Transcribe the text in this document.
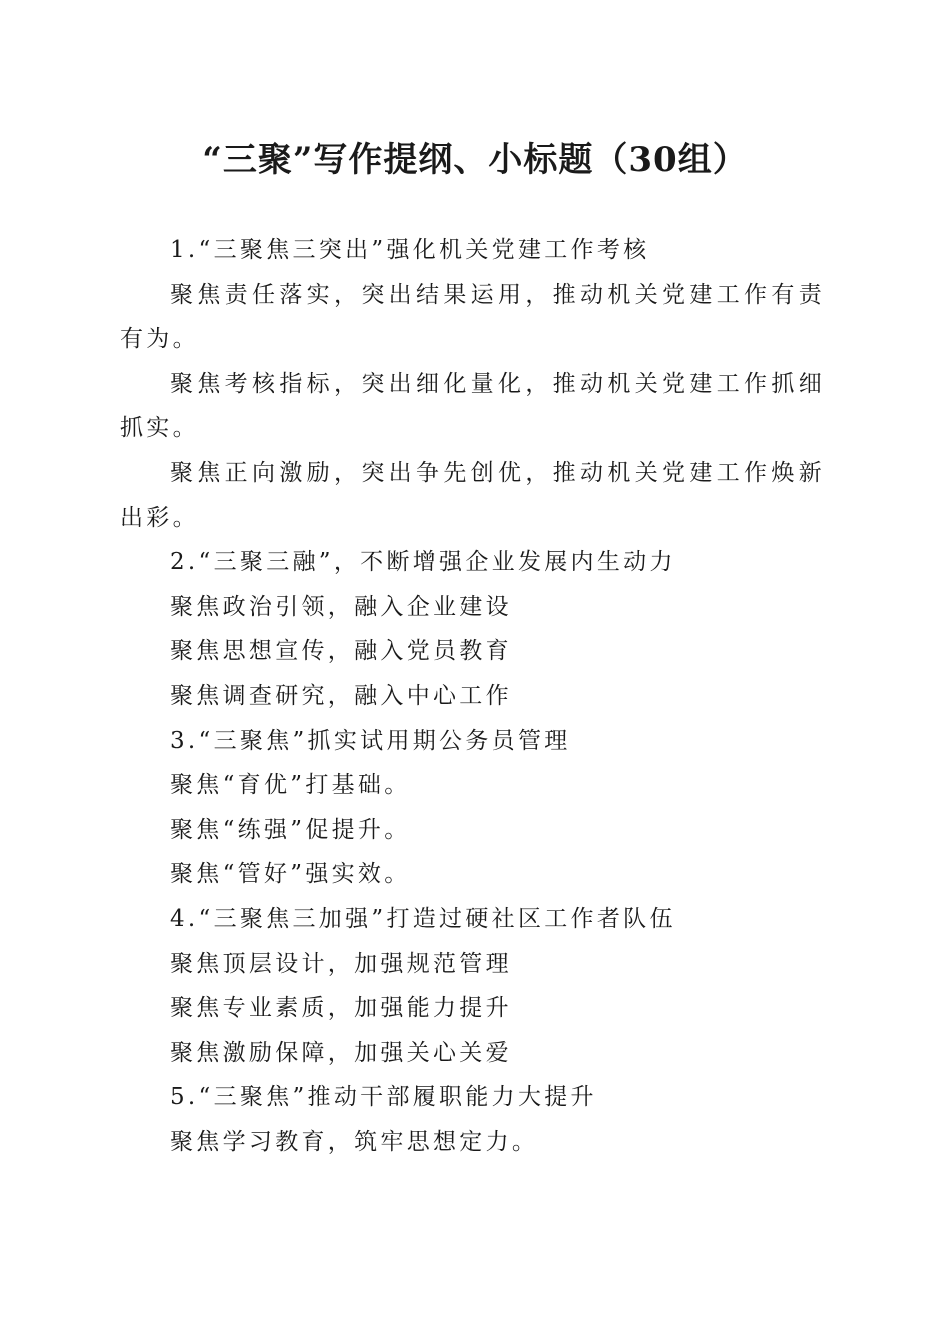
“三聚”写作提纲、小标题（30组）

1.“三聚焦三突出”强化机关党建工作考核

聚焦责任落实，突出结果运用，推动机关党建工作有责有为。

聚焦考核指标，突出细化量化，推动机关党建工作抓细抓实。

聚焦正向激励，突出争先创优，推动机关党建工作焕新出彩。

2.“三聚三融”，不断增强企业发展内生动力

聚焦政治引领，融入企业建设

聚焦思想宣传，融入党员教育

聚焦调查研究，融入中心工作

3.“三聚焦”抓实试用期公务员管理

聚焦“育优”打基础。

聚焦“练强”促提升。

聚焦“管好”强实效。

4.“三聚焦三加强”打造过硬社区工作者队伍

聚焦顶层设计，加强规范管理

聚焦专业素质，加强能力提升

聚焦激励保障，加强关心关爱

5.“三聚焦”推动干部履职能力大提升

聚焦学习教育，筑牢思想定力。
